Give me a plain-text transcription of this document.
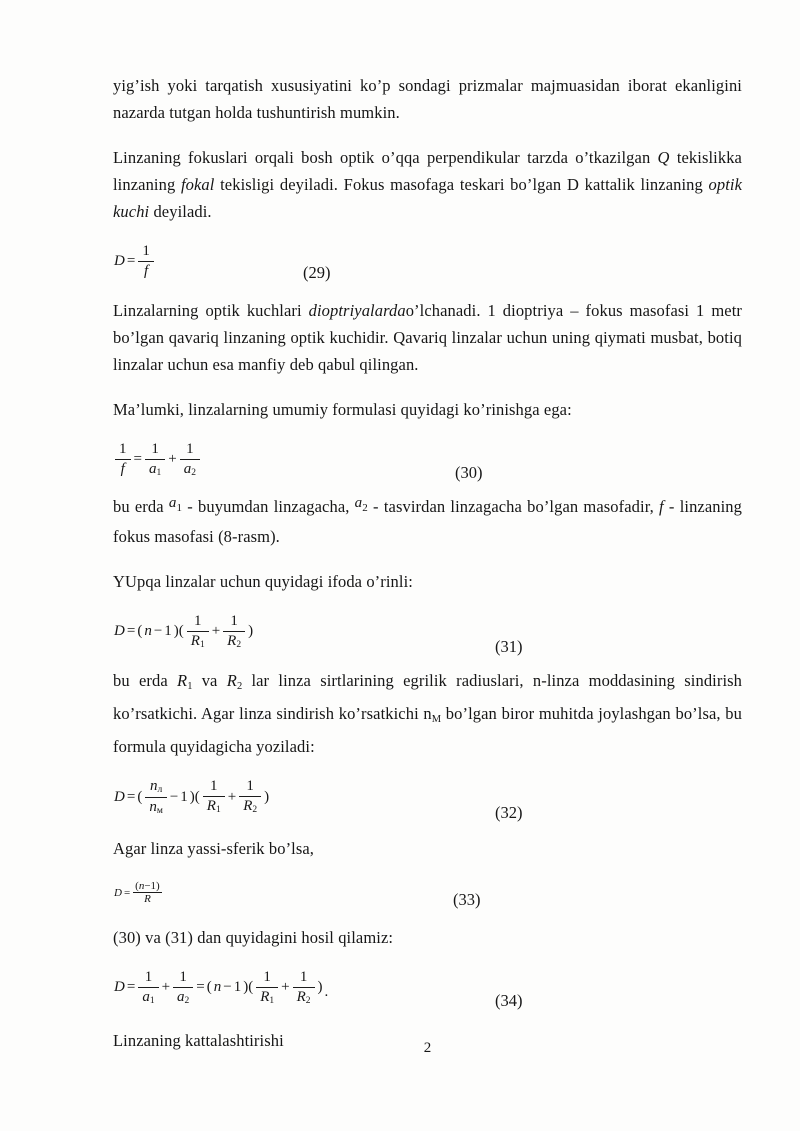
yig’ish yoki tarqatish xususiyatini ko’p sondagi prizmalar majmuasidan iborat ekanligini nazarda tutgan holda tushuntirish mumkin.

Linzaning fokuslari orqali bosh optik o’qqa perpendikular tarzda o’tkazilgan Q tekislikka linzaning fokal tekisligi deyiladi. Fokus masofaga teskari bo’lgan D kattalik linzaning optik kuchi deyiladi.

$D = \frac{1}{f}$	(29)

Linzalarning optik kuchlari dioptriyalardao’lchanadi. 1 dioptriya – fokus masofasi 1 metr bo’lgan qavariq linzaning optik kuchidir. Qavariq linzalar uchun uning qiymati musbat, botiq linzalar uchun esa manfiy deb qabul qilingan.

Ma’lumki, linzalarning umumiy formulasi quyidagi ko’rinishga ega:

$\frac{1}{f} = \frac{1}{a1} + \frac{1}{a2}$	(30)

bu erda a1 - buyumdan linzagacha, a2 - tasvirdan linzagacha bo’lgan masofadir, f - linzaning fokus masofasi (8-rasm).

YUpqa linzalar uchun quyidagi ifoda o’rinli:

D = ( n − 1 )( $\frac{1}{R1} + \frac{1}{R2}$ )
(31)

bu erda R1 va R2 lar linza sirtlarining egrilik radiuslari, n-linza moddasining sindirish ko’rsatkichi. Agar linza sindirish ko’rsatkichi nM bo’lgan biror muhitda joylashgan bo’lsa, bu formula quyidagicha yoziladi:

D = ( $\frac{nл}{nм} - 1$ )( $\frac{1}{R1} + \frac{1}{R2}$ )
(32)

Agar linza yassi-sferik bo’lsa,

$D = \frac{(n-1)}{R}$	(33)

(30) va (31) dan quyidagini hosil qilamiz:

$D = \frac{1}{a1} + \frac{1}{a2}$ = ( n − 1 )( $\frac{1}{R1} + \frac{1}{R2}$ ) .	(34)

Linzaning kattalashtirishi	2
